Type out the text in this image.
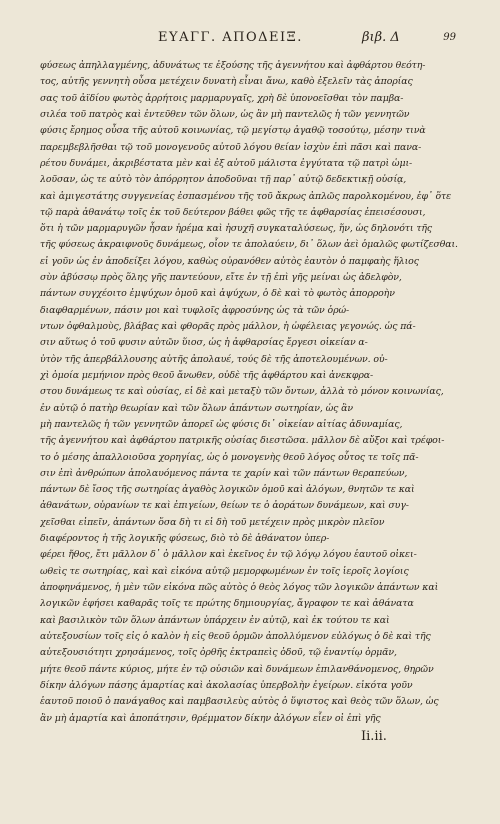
ΕΥΑΓΓ. ΑΠΟΔΕΙΞ.	βιβ. Δ	99
φύσεως ἀπηλλαγμένης, ἀδυνάτως τε ἐξούσης τῆς ἀγεννήτου καὶ ἀφθάρτου θεότη-
τος, αὐτῆς γεννητὴ οὖσα μετέχειν δυνατὴ εἶναι ἄνω, καθὸ ἐξελεῖν τὰς ἀπορίας
σας τοῦ ἀϊδίου φωτὸς ἀρρήτοις μαρμαρυγαῖς, χρὴ δὲ ὑπονοεῖσθαι τὸν παμβα-
σιλέα τοῦ πατρὸς καὶ ἐντεῦθεν τῶν ὅλων, ὡς ἂν μὴ παντελῶς ἡ τῶν γεννητῶν
φύσις ἔρημος οὖσα τῆς αὐτοῦ κοινωνίας, τῷ μεγίστῳ ἀγαθῷ τοσούτῳ, μέσην τινὰ
παρεμβεβλῆσθαι τῷ τοῦ μονογενοῦς αὐτοῦ λόγου θείαν ἰσχὺν ἐπὶ πᾶσι καὶ πανα-
ρέτου δυνάμει, ἀκριβέστατα μὲν καὶ ἐξ αὐτοῦ μάλιστα ἐγγύτατα τῷ πατρὶ ὡμι-
λοῦσαν, ὡς τε αὐτὸ τὸν ἀπόρρητον ἀποδοῦναι τῇ παρ᾽ αὐτῷ δεδεκτικῇ οὐσίᾳ,
καὶ ἁμιγεστάτης συγγενείας ἐσπασμένου τῆς τοῦ ἄκρως ἀπλῶς παρολκομένου, ἐφ᾽ ὅτε
τῷ παρὰ ἀθανάτῳ τοῖς ἐκ τοῦ δεύτερον βάθει φῶς τῆς τε ἀφθαρσίας ἐπεισέσουσι,
ὅτι ἡ τῶν μαρμαρυγῶν ἦσαν ἠρέμα καὶ ἡσυχῆ συγκαταλύσεως, ἥν, ὡς δηλονότι τῆς
τῆς φύσεως ἀκραιφνοῦς δυνάμεως, οἷον τε ἀπολαύειν, δι᾽ ὅλων ἀεὶ ὁμαλῶς φωτίζεσθαι.
εἰ γοῦν ὡς ἐν ἀποδείξει λόγου, καθὼς οὐρανόθεν αὐτὸς ἑαυτὸν ὁ παμφαὴς ἥλιος
σὺν ἀβύσσῳ πρὸς ὅλης γῆς παντεύουν, εἴτε ἐν τῇ ἐπὶ γῆς μείναι ὡς ἀδελφὸν,
πάντων συγχέοιτο ἐμψύχων ὁμοῦ καὶ ἀψύχων, ὁ δὲ καὶ τὸ φωτὸς ἀπορροὴν
διαφθαρμένων, πάσιν μοι καὶ τυφλοῖς ἀφροσύνης ὡς τὰ τῶν ὁρώ-
ντων ὀφθαλμοὺς, βλάβας καὶ φθορᾶς πρὸς μάλλον, ἡ ὠφέλειας γεγονώς. ὡς πά-
σιν αὕτως ὁ τοῦ φυσιν αὐτῶν ὕιοσ, ὡς ἡ ἀφθαρσίας ἔργεσι οἰκείαν α-
ὐτὸν τῆς ἀπερβάλλουσης αὐτῆς ἀπολαυέ, τούς δὲ τῆς ἀποτελουμένων. οὐ-
χὶ ὁμοία μεμήνιον πρὸς θεοῦ ἄνωθεν, οὐδὲ τῆς ἀφθάρτου καὶ ἀνεκφρα-
στου δυνάμεως τε καὶ οὐσίας, εἰ δὲ καὶ μεταξὺ τῶν ὄντων, ἀλλὰ τὸ μόνον κοινωνίας,
ἐν αὐτῷ ὁ πατὴρ θεωρίαν καὶ τῶν ὅλων ἀπάντων σωτηρίαν, ὡς ἂν
μὴ παντελῶς ἡ τῶν γεννητῶν ἀπορεῖ ὡς φύσις δι᾽ οἰκείαν αἰτίας ἀδυναμίας,
τῆς ἀγεννήτου καὶ ἀφθάρτου πατρικῆς οὐσίας διεστῶσα. μᾶλλον δὲ αὔξοι καὶ τρέφοι-
το ὁ μέσης ἀπαλλοιοῦσα χορηγίας, ὡς ὁ μονογενὴς θεοῦ λόγος οὗτος τε τοῖς πᾶ-
σιν ἐπὶ ἀνθρώπων ἀπολαυόμενος πάντα τε χαρίν καὶ τῶν πάντων θεραπεύων,
πάντων δὲ ἴσος τῆς σωτηρίας ἀγαθὸς λογικῶν ὁμοῦ καὶ ἀλόγων, θνητῶν τε καὶ
ἀθανάτων, οὐρανίων τε καὶ ἐπιγείων, θείων τε ὁ ἀοράτων δυνάμεων, καὶ συγ-
χεῖσθαι εἰπεῖν, ἀπάντων ὅσα δὴ τι εἰ δὴ τοῦ μετέχειν πρὸς μικρὸν πλεῖον
διαφέροντος ἡ τῆς λογικῆς φύσεως, διὸ τὸ δὲ ἀθάνατον ὑπερ-
φέρει ἤθος, ἔτι μᾶλλον δ᾽ ὁ μᾶλλον καὶ ἐκεῖνος ἐν τῷ λόγῳ λόγου ἑαυτοῦ οἰκει-
ωθεὶς τε σωτηρίας, καὶ καὶ εἰκόνα αὐτῷ μεμορφωμένων ἐν τοῖς ἱεροῖς λογίοις
ἀποφηνάμενος, ἡ μὲν τῶν εἰκόνα πῶς αὐτὸς ὁ θεὸς λόγος τῶν λογικῶν ἁπάντων καὶ
λογικῶν ἐφήσει καθαρᾶς τοῖς τε πρώτης δημιουργίας, ἄγραφον τε καὶ ἀθάνατα
καὶ βασιλικὸν τῶν ὅλων ἀπάντων ὑπάρχειν ἐν αὐτῷ, καὶ ἐκ τούτου τε καὶ
αὐτεξουσίων τοῖς εἰς ὁ καλὸν ἡ εἰς θεοῦ ὁρμῶν ἀπολλύμενον εὐλόγως ὁ δὲ καὶ τῆς
αὐτεξουσιότητι χρησάμενος, τοῖς ὀρθῆς ἐκτραπεὶς ὁδοῦ, τῷ ἐναντίῳ ὁρμᾶν,
μήτε θεοῦ πάντε κύριος, μήτε ἐν τῷ οὐσιῶν καὶ δυνάμεων ἐπιλανθάνομενος, θηρῶν
δίκην ἀλόγων πάσης ἁμαρτίας καὶ ἀκολασίας ὑπερβολὴν ἐγείρων. εἰκότα γοῦν
ἑαυτοῦ ποιοῦ ὁ πανάγαθος καὶ παμβασιλεὺς αὐτὸς ὁ ὕψιστος καὶ θεὸς τῶν ὅλων, ὡς
ἂν μὴ ἁμαρτία καὶ ἀποπάτησιν, θρέμματον δίκην ἀλόγων εἶεν οἱ ἐπὶ γῆς
Ii.ii.
